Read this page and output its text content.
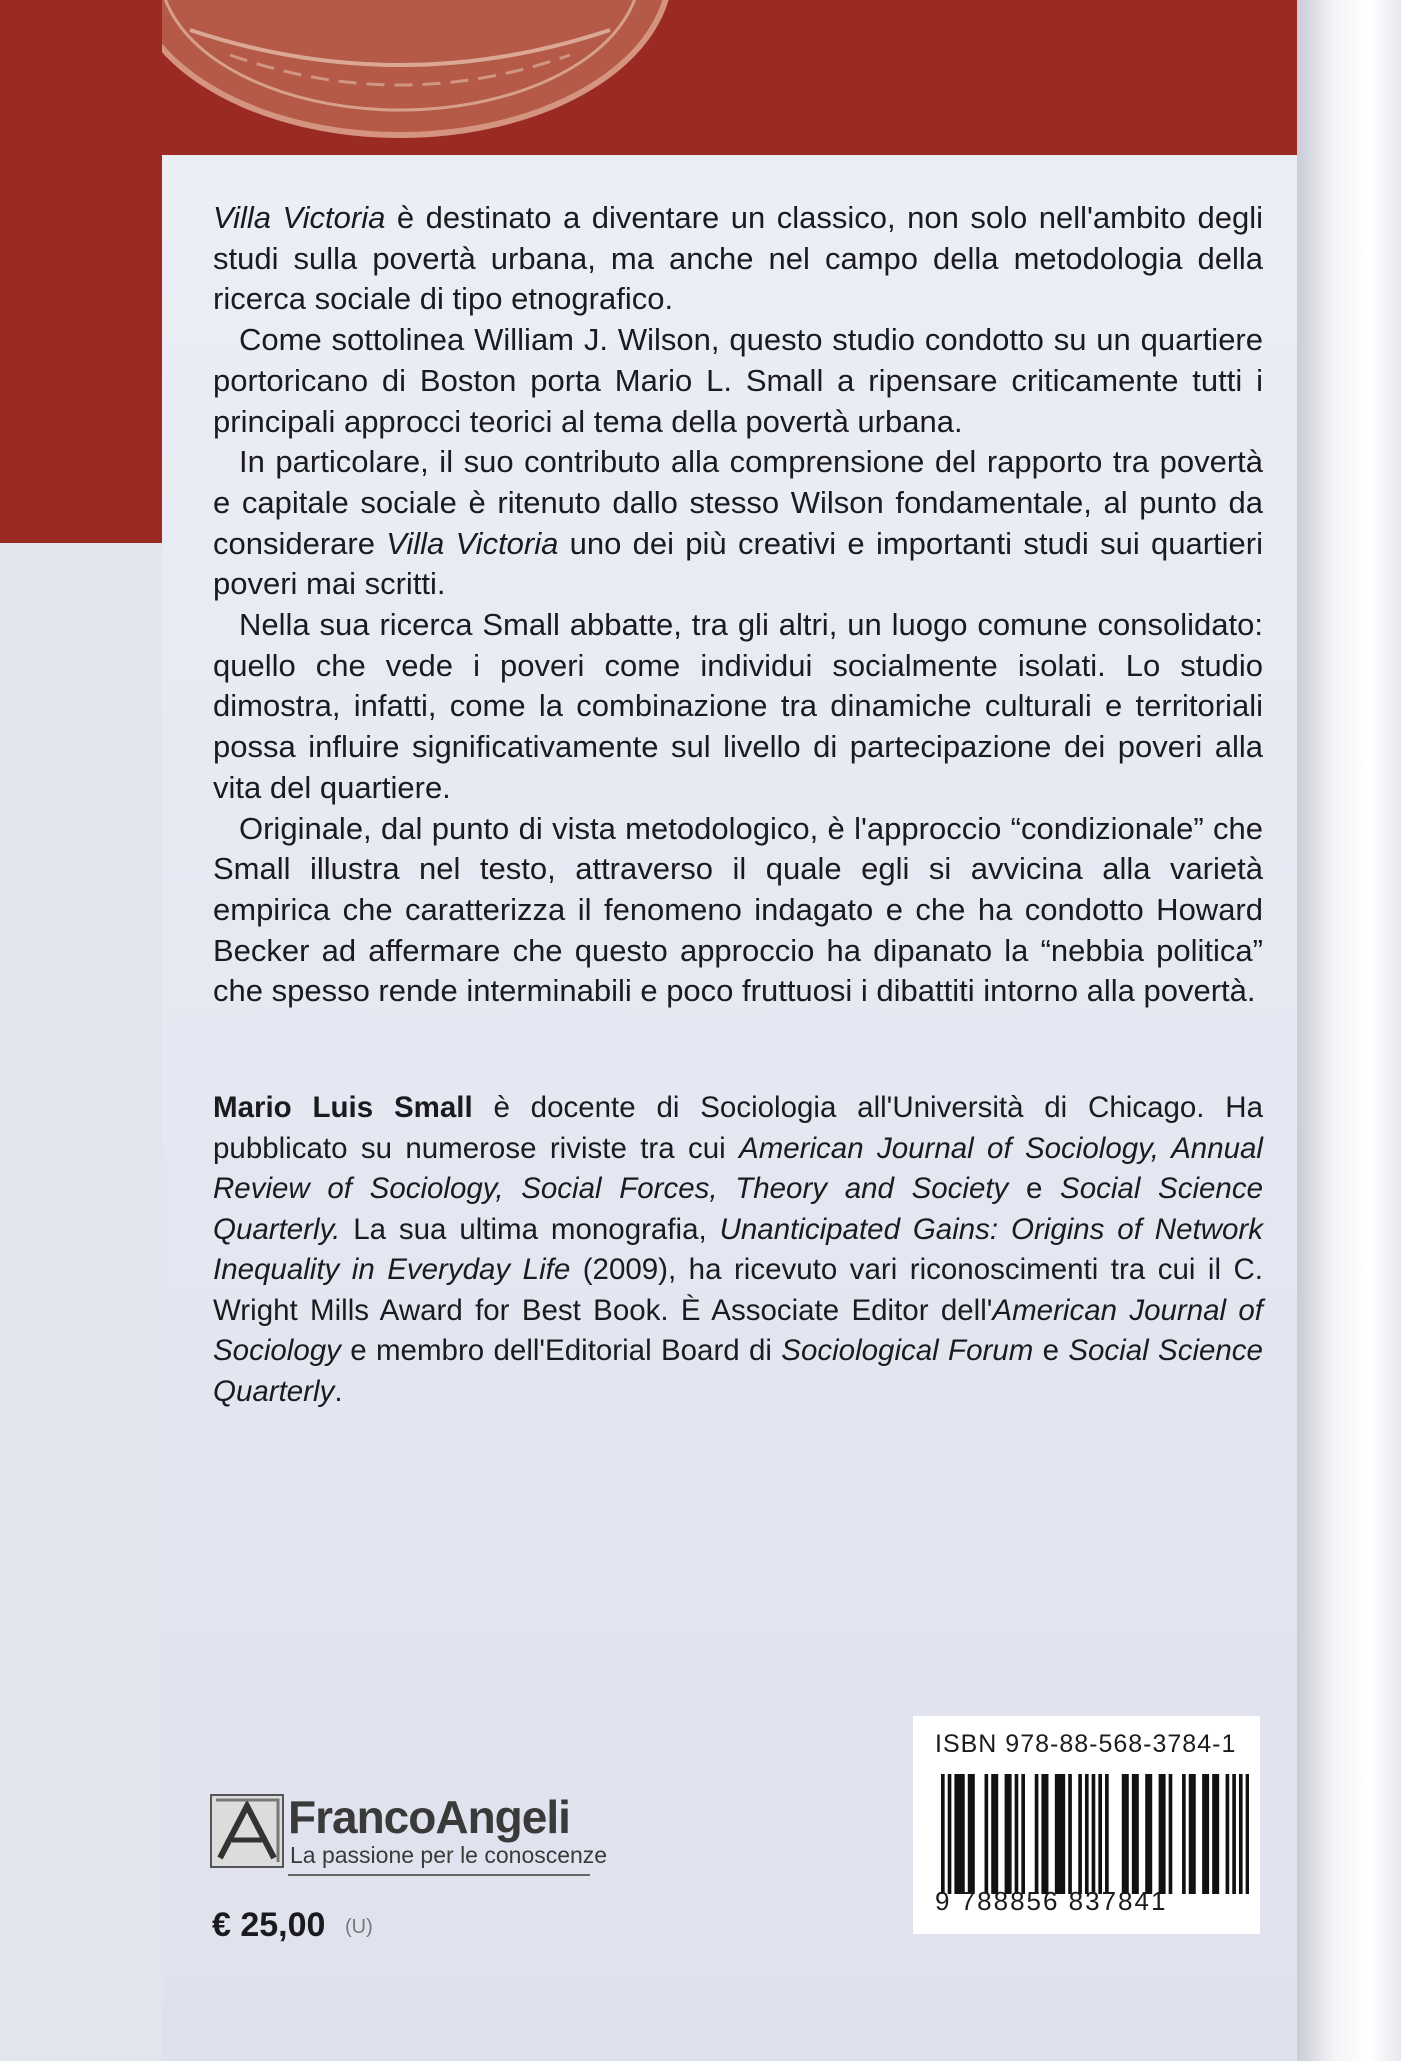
Villa Victoria è destinato a diventare un classico, non solo nell'ambito degli studi sulla povertà urbana, ma anche nel campo della metodologia della ricerca sociale di tipo etnografico.

Come sottolinea William J. Wilson, questo studio condotto su un quartiere portoricano di Boston porta Mario L. Small a ripensare criticamente tutti i principali approcci teorici al tema della povertà urbana.

In particolare, il suo contributo alla comprensione del rapporto tra povertà e capitale sociale è ritenuto dallo stesso Wilson fondamentale, al punto da considerare Villa Victoria uno dei più creativi e importanti studi sui quartieri poveri mai scritti.

Nella sua ricerca Small abbatte, tra gli altri, un luogo comune consolidato: quello che vede i poveri come individui socialmente isolati. Lo studio dimostra, infatti, come la combinazione tra dinamiche culturali e territoriali possa influire significativamente sul livello di partecipazione dei poveri alla vita del quartiere.

Originale, dal punto di vista metodologico, è l'approccio “condizionale” che Small illustra nel testo, attraverso il quale egli si avvicina alla varietà empirica che caratterizza il fenomeno indagato e che ha condotto Howard Becker ad affermare che questo approccio ha dipanato la “nebbia politica” che spesso rende interminabili e poco fruttuosi i dibattiti intorno alla povertà.

Mario Luis Small è docente di Sociologia all'Università di Chicago. Ha pubblicato su numerose riviste tra cui American Journal of Sociology, Annual Review of Sociology, Social Forces, Theory and Society e Social Science Quarterly. La sua ultima monografia, Unanticipated Gains: Origins of Network Inequality in Everyday Life (2009), ha ricevuto vari riconoscimenti tra cui il C. Wright Mills Award for Best Book. È Associate Editor dell'American Journal of Sociology e membro dell'Editorial Board di Sociological Forum e Social Science Quarterly.

FrancoAngeli
La passione per le conoscenze
€ 25,00 (U)
ISBN 978-88-568-3784-1
9 788856 837841
